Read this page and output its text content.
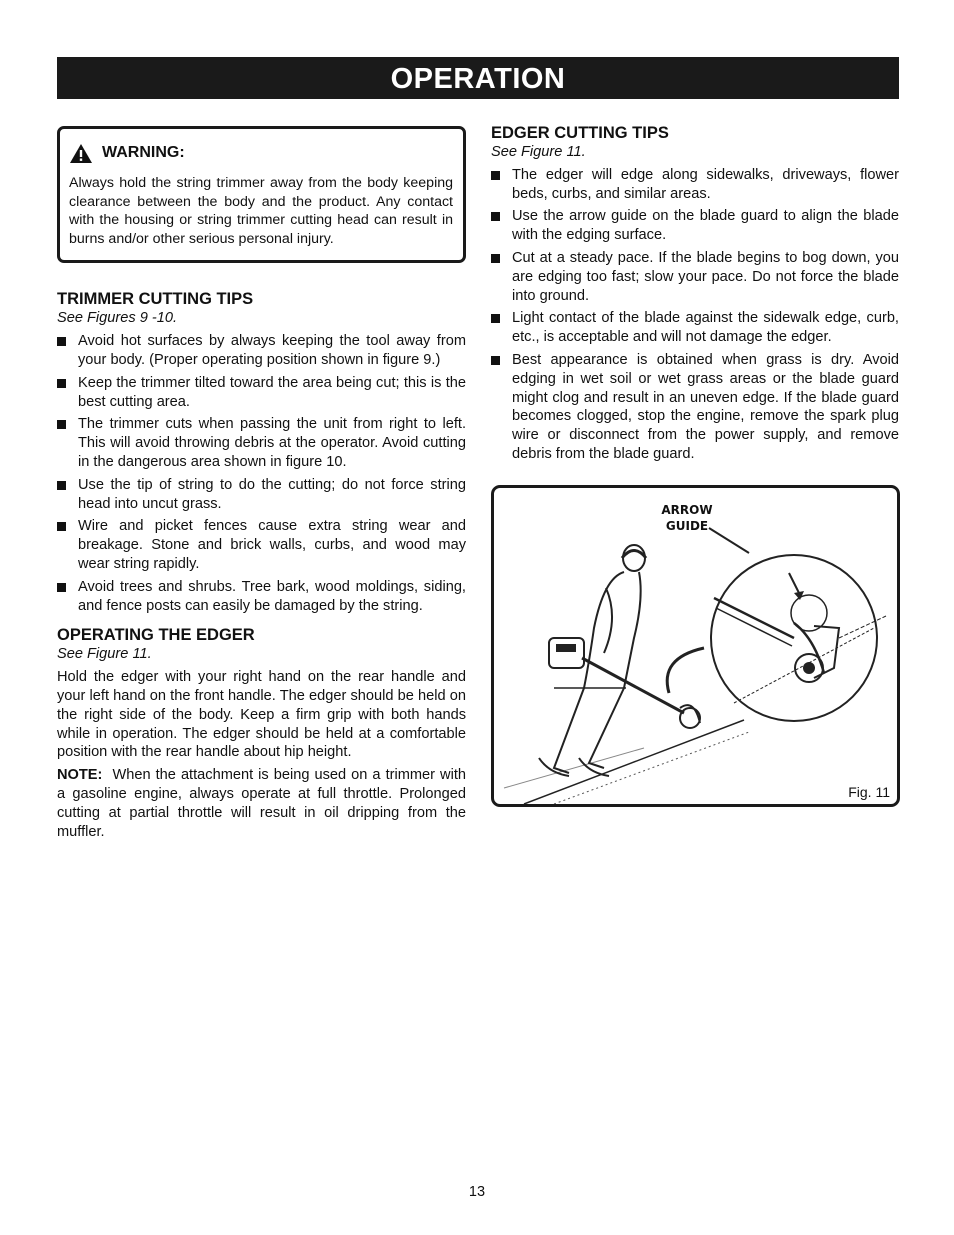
OPERATION
WARNING:
Always hold the string trimmer away from the body keeping clearance between the body and the product. Any contact with the housing or string trimmer cutting head can result in burns and/or other serious personal injury.
TRIMMER CUTTING TIPS
See Figures 9 -10.
Avoid hot surfaces by always keeping the tool away from your body. (Proper operating position shown in figure 9.)
Keep the trimmer tilted toward the area being cut; this is the best cutting area.
The trimmer cuts when passing the unit from right to left. This will avoid throwing debris at the operator. Avoid cutting in the dangerous area shown in figure 10.
Use the tip of string to do the cutting; do not force string head into uncut grass.
Wire and picket fences cause extra string wear and breakage. Stone and brick walls, curbs, and wood may wear string rapidly.
Avoid trees and shrubs. Tree bark, wood moldings, siding, and fence posts can easily be damaged by the string.
OPERATING THE EDGER
See Figure 11.

Hold the edger with your right hand on the rear handle and your left hand on the front handle. The edger should be held on the right side of the body. Keep a firm grip with both hands while in operation. The edger should be held at a comfortable position with the rear handle about hip height.

NOTE: When the attachment is being used on a trimmer with a gasoline engine, always operate at full throttle. Prolonged cutting at partial throttle will result in oil dripping from the muffler.

EDGER CUTTING TIPS
See Figure 11.
The edger will edge along sidewalks, driveways, flower beds, curbs, and similar areas.
Use the arrow guide on the blade guard to align the blade with the edging surface.
Cut at a steady pace. If the blade begins to bog down, you are edging too fast; slow your pace. Do not force the blade into ground.
Light contact of the blade against the sidewalk edge, curb, etc., is acceptable and will not damage the edger.
Best appearance is obtained when grass is dry. Avoid edging in wet soil or wet grass areas or the blade guard might clog and result in an uneven edge. If the blade guard becomes clogged, stop the engine, remove the spark plug wire or disconnect from the power supply, and remove debris from the blade guard.
ARROW
GUIDE
Fig. 11
13
